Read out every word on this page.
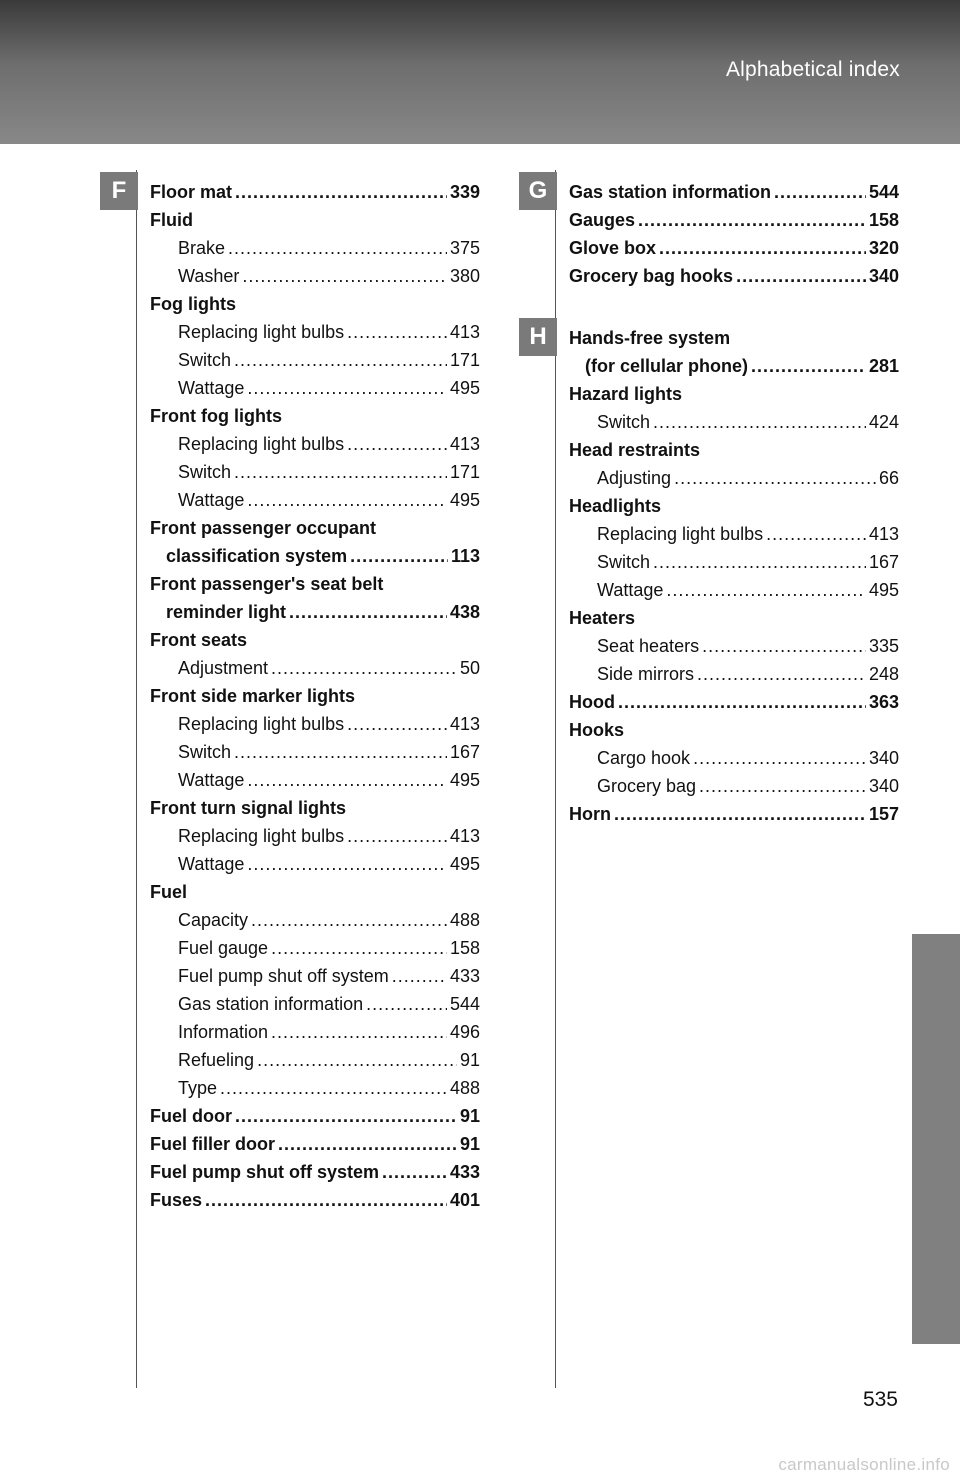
Alphabetical index
F	G
H
Floor mat .....	339
Fluid
Brake .....	375
Washer .....	380
Fog lights
Replacing light bulbs .....	413
Switch .....	171
Wattage .....	495
Front fog lights
Replacing light bulbs .....	413
Switch .....	171
Wattage .....	495
Front passenger occupant
classification system .....	113
Front passenger's seat belt
reminder light .....	438
Front seats
Adjustment .....	50
Front side marker lights
Replacing light bulbs .....	413
Switch .....	167
Wattage .....	495
Front turn signal lights
Replacing light bulbs .....	413
Wattage .....	495
Fuel
Capacity .....	488
Fuel gauge .....	158
Fuel pump shut off system .....	433
Gas station information .....	544
Information .....	496
Refueling .....	91
Type .....	488
Fuel door .....	91
Fuel filler door .....	91
Fuel pump shut off system .....	433
Fuses .....	401
Gas station information .....	544
Gauges .....	158
Glove box .....	320
Grocery bag hooks .....	340
Hands-free system
(for cellular phone) .....	281
Hazard lights
Switch .....	424
Head restraints
Adjusting .....	66
Headlights
Replacing light bulbs .....	413
Switch .....	167
Wattage .....	495
Heaters
Seat heaters .....	335
Side mirrors .....	248
Hood .....	363
Hooks
Cargo hook .....	340
Grocery bag .....	340
Horn .....	157
535
carmanualsonline.info
